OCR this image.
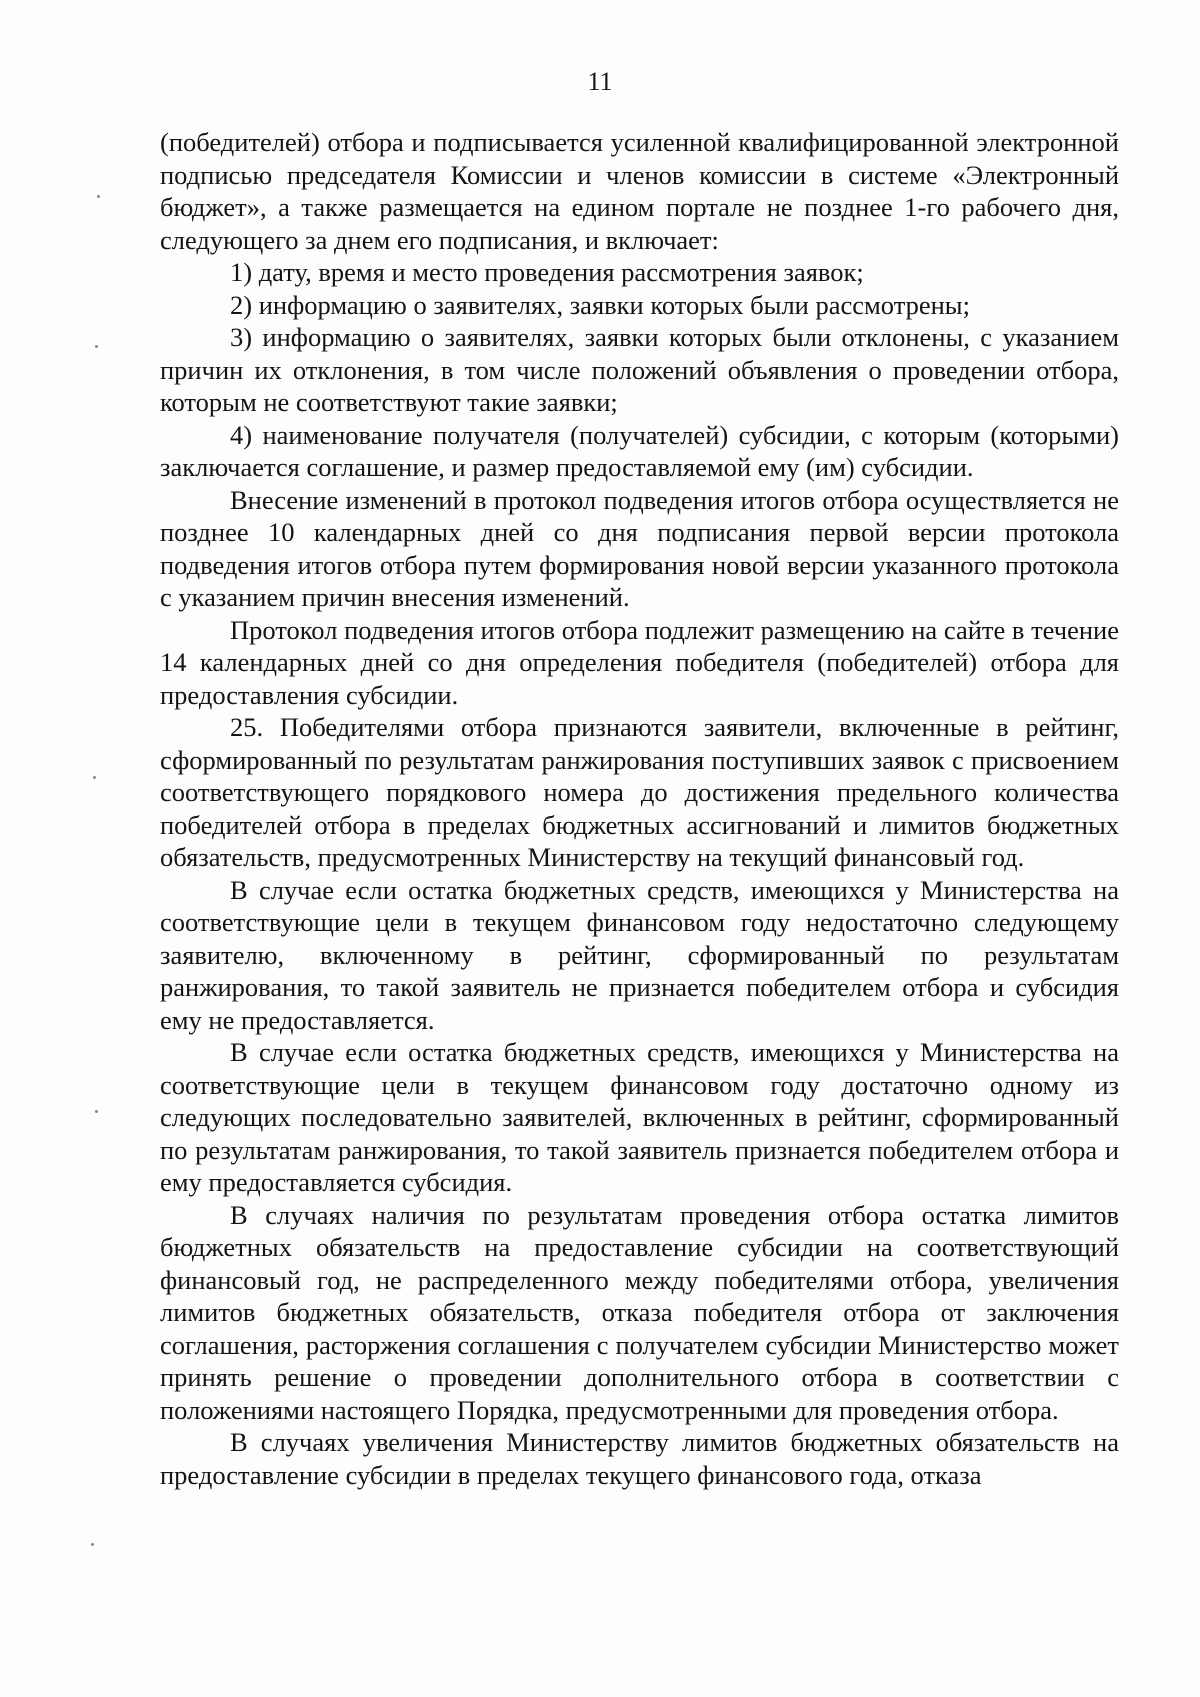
11

(победителей) отбора и подписывается усиленной квалифицированной электронной подписью председателя Комиссии и членов комиссии в системе «Электронный бюджет», а также размещается на едином портале не позднее 1-го рабочего дня, следующего за днем его подписания, и включает:

1) дату, время и место проведения рассмотрения заявок;

2) информацию о заявителях, заявки которых были рассмотрены;

3) информацию о заявителях, заявки которых были отклонены, с указанием причин их отклонения, в том числе положений объявления о проведении отбора, которым не соответствуют такие заявки;

4) наименование получателя (получателей) субсидии, с которым (которыми) заключается соглашение, и размер предоставляемой ему (им) субсидии.

Внесение изменений в протокол подведения итогов отбора осуществляется не позднее 10 календарных дней со дня подписания первой версии протокола подведения итогов отбора путем формирования новой версии указанного протокола с указанием причин внесения изменений.

Протокол подведения итогов отбора подлежит размещению на сайте в течение 14 календарных дней со дня определения победителя (победителей) отбора для предоставления субсидии.

25. Победителями отбора признаются заявители, включенные в рейтинг, сформированный по результатам ранжирования поступивших заявок с присвоением соответствующего порядкового номера до достижения предельного количества победителей отбора в пределах бюджетных ассигнований и лимитов бюджетных обязательств, предусмотренных Министерству на текущий финансовый год.

В случае если остатка бюджетных средств, имеющихся у Министерства на соответствующие цели в текущем финансовом году недостаточно следующему заявителю, включенному в рейтинг, сформированный по результатам ранжирования, то такой заявитель не признается победителем отбора и субсидия ему не предоставляется.

В случае если остатка бюджетных средств, имеющихся у Министерства на соответствующие цели в текущем финансовом году достаточно одному из следующих последовательно заявителей, включенных в рейтинг, сформированный по результатам ранжирования, то такой заявитель признается победителем отбора и ему предоставляется субсидия.

В случаях наличия по результатам проведения отбора остатка лимитов бюджетных обязательств на предоставление субсидии на соответствующий финансовый год, не распределенного между победителями отбора, увеличения лимитов бюджетных обязательств, отказа победителя отбора от заключения соглашения, расторжения соглашения с получателем субсидии Министерство может принять решение о проведении дополнительного отбора в соответствии с положениями настоящего Порядка, предусмотренными для проведения отбора.

В случаях увеличения Министерству лимитов бюджетных обязательств на предоставление субсидии в пределах текущего финансового года, отказа
